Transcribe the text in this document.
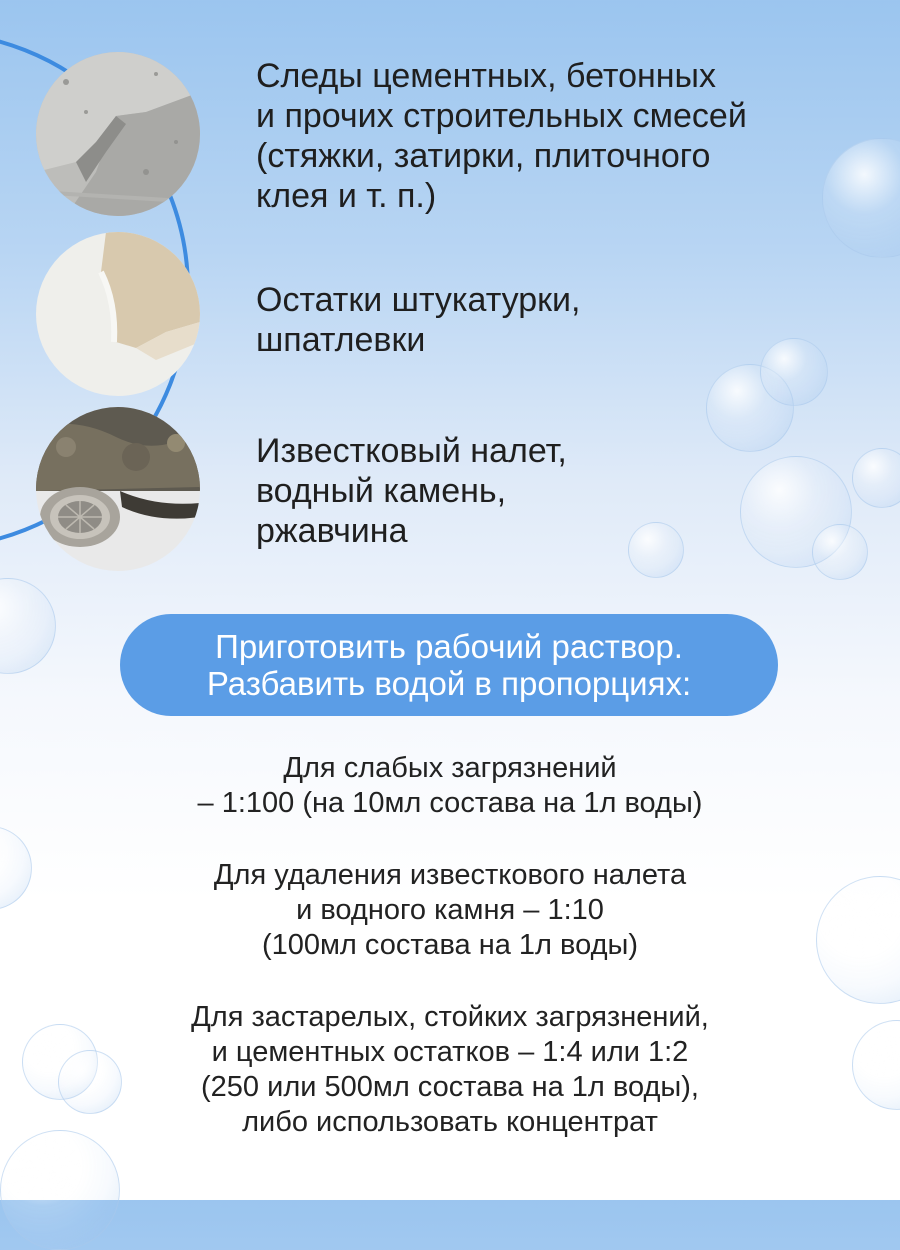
Следы цементных, бетонных
и прочих строительных смесей
(стяжки, затирки, плиточного
клея и т. п.)
Остатки штукатурки,
шпатлевки
Известковый налет,
водный камень,
ржавчина
Приготовить рабочий раствор.
Разбавить водой в пропорциях:
Для слабых загрязнений
– 1:100 (на 10мл состава на 1л воды)
Для удаления известкового налета
и водного камня – 1:10
(100мл состава на 1л воды)
Для застарелых, стойких загрязнений,
и цементных остатков – 1:4 или 1:2
(250 или 500мл состава на 1л воды),
либо использовать концентрат
